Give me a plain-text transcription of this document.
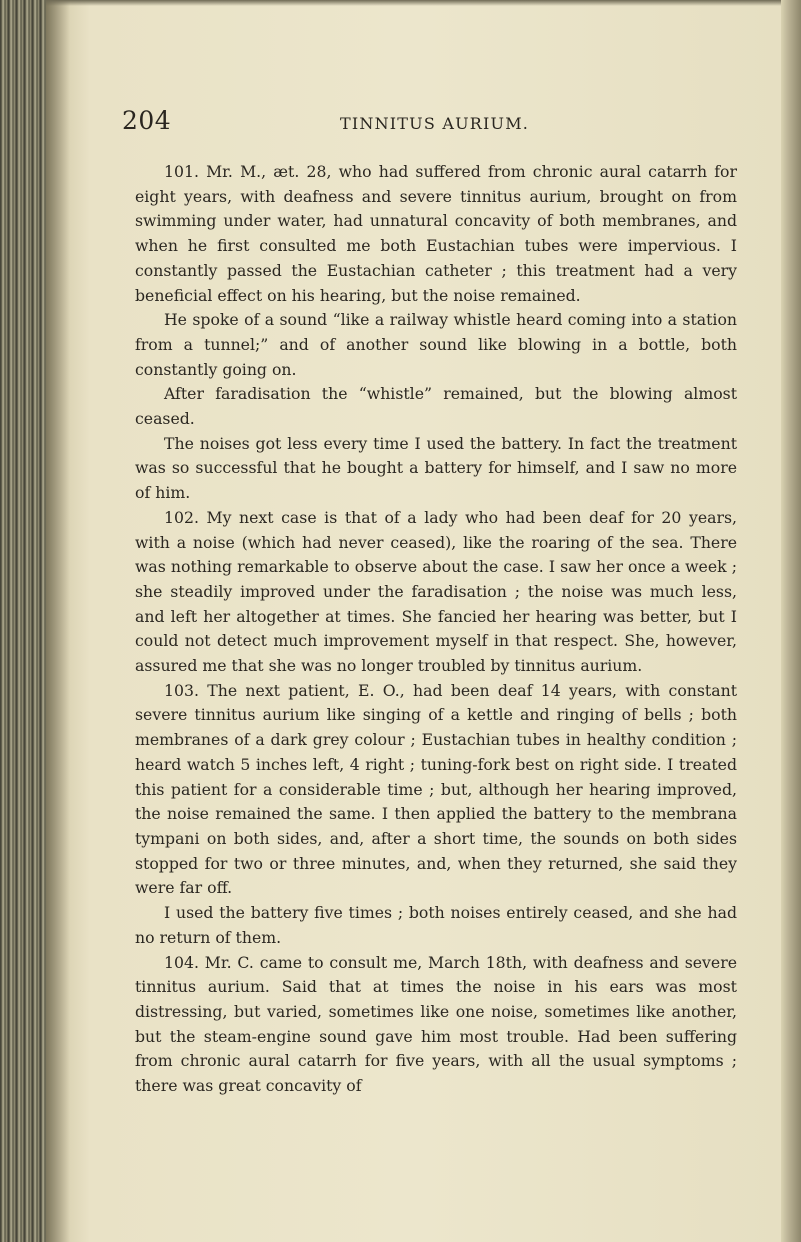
204	TINNITUS AURIUM.

101. Mr. M., æt. 28, who had suffered from chronic aural catarrh for eight years, with deafness and severe tinnitus aurium, brought on from swimming under water, had unnatural concavity of both membranes, and when he first consulted me both Eustachian tubes were impervious. I constantly passed the Eustachian catheter ; this treatment had a very beneficial effect on his hearing, but the noise remained.

He spoke of a sound “like a railway whistle heard coming into a station from a tunnel;” and of another sound like blowing in a bottle, both constantly going on.

After faradisation the “whistle” remained, but the blowing almost ceased.

The noises got less every time I used the battery. In fact the treatment was so successful that he bought a battery for himself, and I saw no more of him.

102. My next case is that of a lady who had been deaf for 20 years, with a noise (which had never ceased), like the roaring of the sea. There was nothing remarkable to observe about the case. I saw her once a week ; she steadily improved under the faradisation ; the noise was much less, and left her altogether at times. She fancied her hearing was better, but I could not detect much improvement myself in that respect. She, however, assured me that she was no longer troubled by tinnitus aurium.

103. The next patient, E. O., had been deaf 14 years, with constant severe tinnitus aurium like singing of a kettle and ringing of bells ; both membranes of a dark grey colour ; Eustachian tubes in healthy condition ; heard watch 5 inches left, 4 right ; tuning-fork best on right side. I treated this patient for a considerable time ; but, although her hearing improved, the noise remained the same. I then applied the battery to the membrana tympani on both sides, and, after a short time, the sounds on both sides stopped for two or three minutes, and, when they returned, she said they were far off.

I used the battery five times ; both noises entirely ceased, and she had no return of them.

104. Mr. C. came to consult me, March 18th, with deafness and severe tinnitus aurium. Said that at times the noise in his ears was most distressing, but varied, sometimes like one noise, sometimes like another, but the steam-engine sound gave him most trouble. Had been suffering from chronic aural catarrh for five years, with all the usual symptoms ; there was great concavity of
